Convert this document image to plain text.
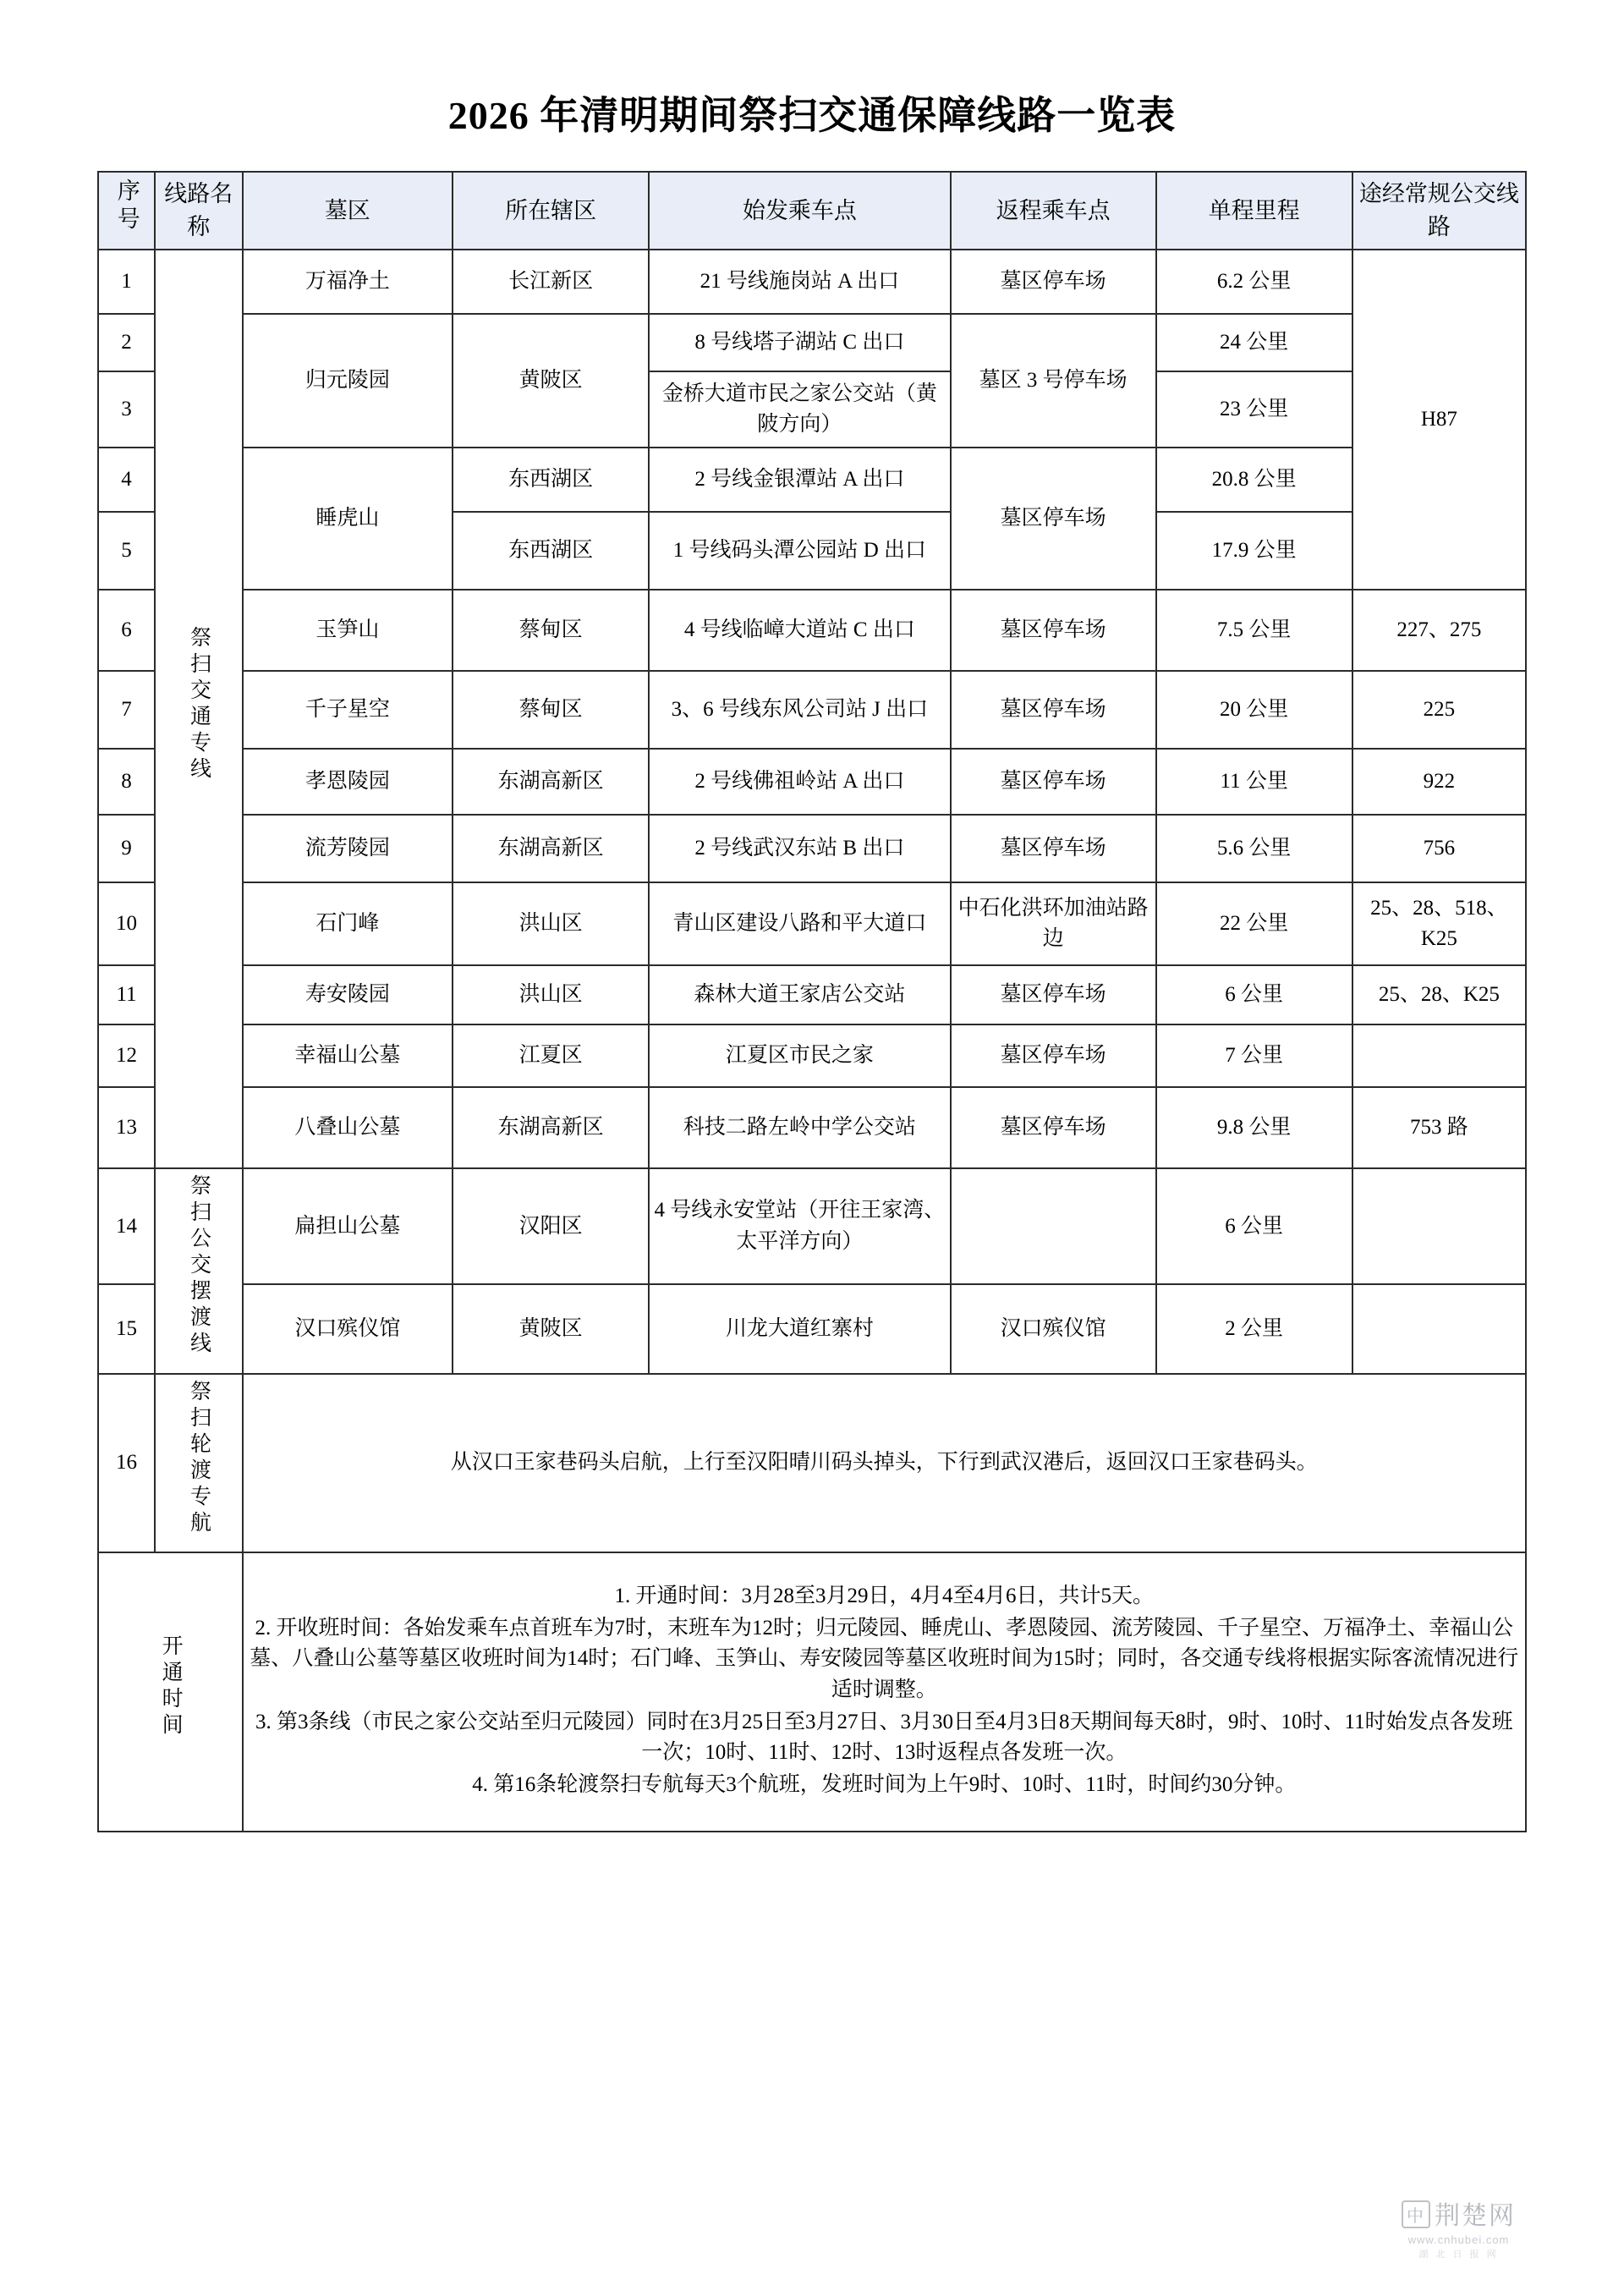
2026 年清明期间祭扫交通保障线路一览表
序号	线路名称	墓区	所在辖区	始发乘车点	返程乘车点	单程里程	途经常规公交线路
1	祭扫交通专线	万福净土	长江新区	21 号线施岗站 A 出口	墓区停车场	6.2 公里	H87
2		归元陵园	黄陂区	8 号线塔子湖站 C 出口	墓区 3 号停车场	24 公里	
3				金桥大道市民之家公交站（黄陂方向）		23 公里	
4		睡虎山	东西湖区	2 号线金银潭站 A 出口	墓区停车场	20.8 公里	
5			东西湖区	1 号线码头潭公园站 D 出口		17.9 公里	
6		玉笋山	蔡甸区	4 号线临嶂大道站 C 出口	墓区停车场	7.5 公里	227、275
7		千子星空	蔡甸区	3、6 号线东风公司站 J 出口	墓区停车场	20 公里	225
8		孝恩陵园	东湖高新区	2 号线佛祖岭站 A 出口	墓区停车场	11 公里	922
9		流芳陵园	东湖高新区	2 号线武汉东站 B 出口	墓区停车场	5.6 公里	756
10		石门峰	洪山区	青山区建设八路和平大道口	中石化洪环加油站路边	22 公里	25、28、518、K25
11		寿安陵园	洪山区	森林大道王家店公交站	墓区停车场	6 公里	25、28、K25
12		幸福山公墓	江夏区	江夏区市民之家	墓区停车场	7 公里	
13		八叠山公墓	东湖高新区	科技二路左岭中学公交站	墓区停车场	9.8 公里	753 路
14	祭扫公交摆渡线	扁担山公墓	汉阳区	4 号线永安堂站（开往王家湾、太平洋方向）		6 公里	
15		汉口殡仪馆	黄陂区	川龙大道红寨村	汉口殡仪馆	2 公里	
16	祭扫轮渡专航	从汉口王家巷码头启航，上行至汉阳晴川码头掉头，下行到武汉港后，返回汉口王家巷码头。					
开通时间		1. 开通时间：3月28至3月29日，4月4至4月6日，共计5天。

2. 开收班时间：各始发乘车点首班车为7时，末班车为12时；归元陵园、睡虎山、孝恩陵园、流芳陵园、千子星空、万福净土、幸福山公墓、八叠山公墓等墓区收班时间为14时；石门峰、玉笋山、寿安陵园等墓区收班时间为15时；同时，各交通专线将根据实际客流情况进行适时调整。

3. 第3条线（市民之家公交站至归元陵园）同时在3月25日至3月27日、3月30日至4月3日8天期间每天8时，9时、10时、11时始发点各发班一次；10时、11时、12时、13时返程点各发班一次。

4. 第16条轮渡祭扫专航每天3个航班，发班时间为上午9时、10时、11时，时间约30分钟。					

中 荆楚网
www.cnhubei.com
湖 北 日 报 网
